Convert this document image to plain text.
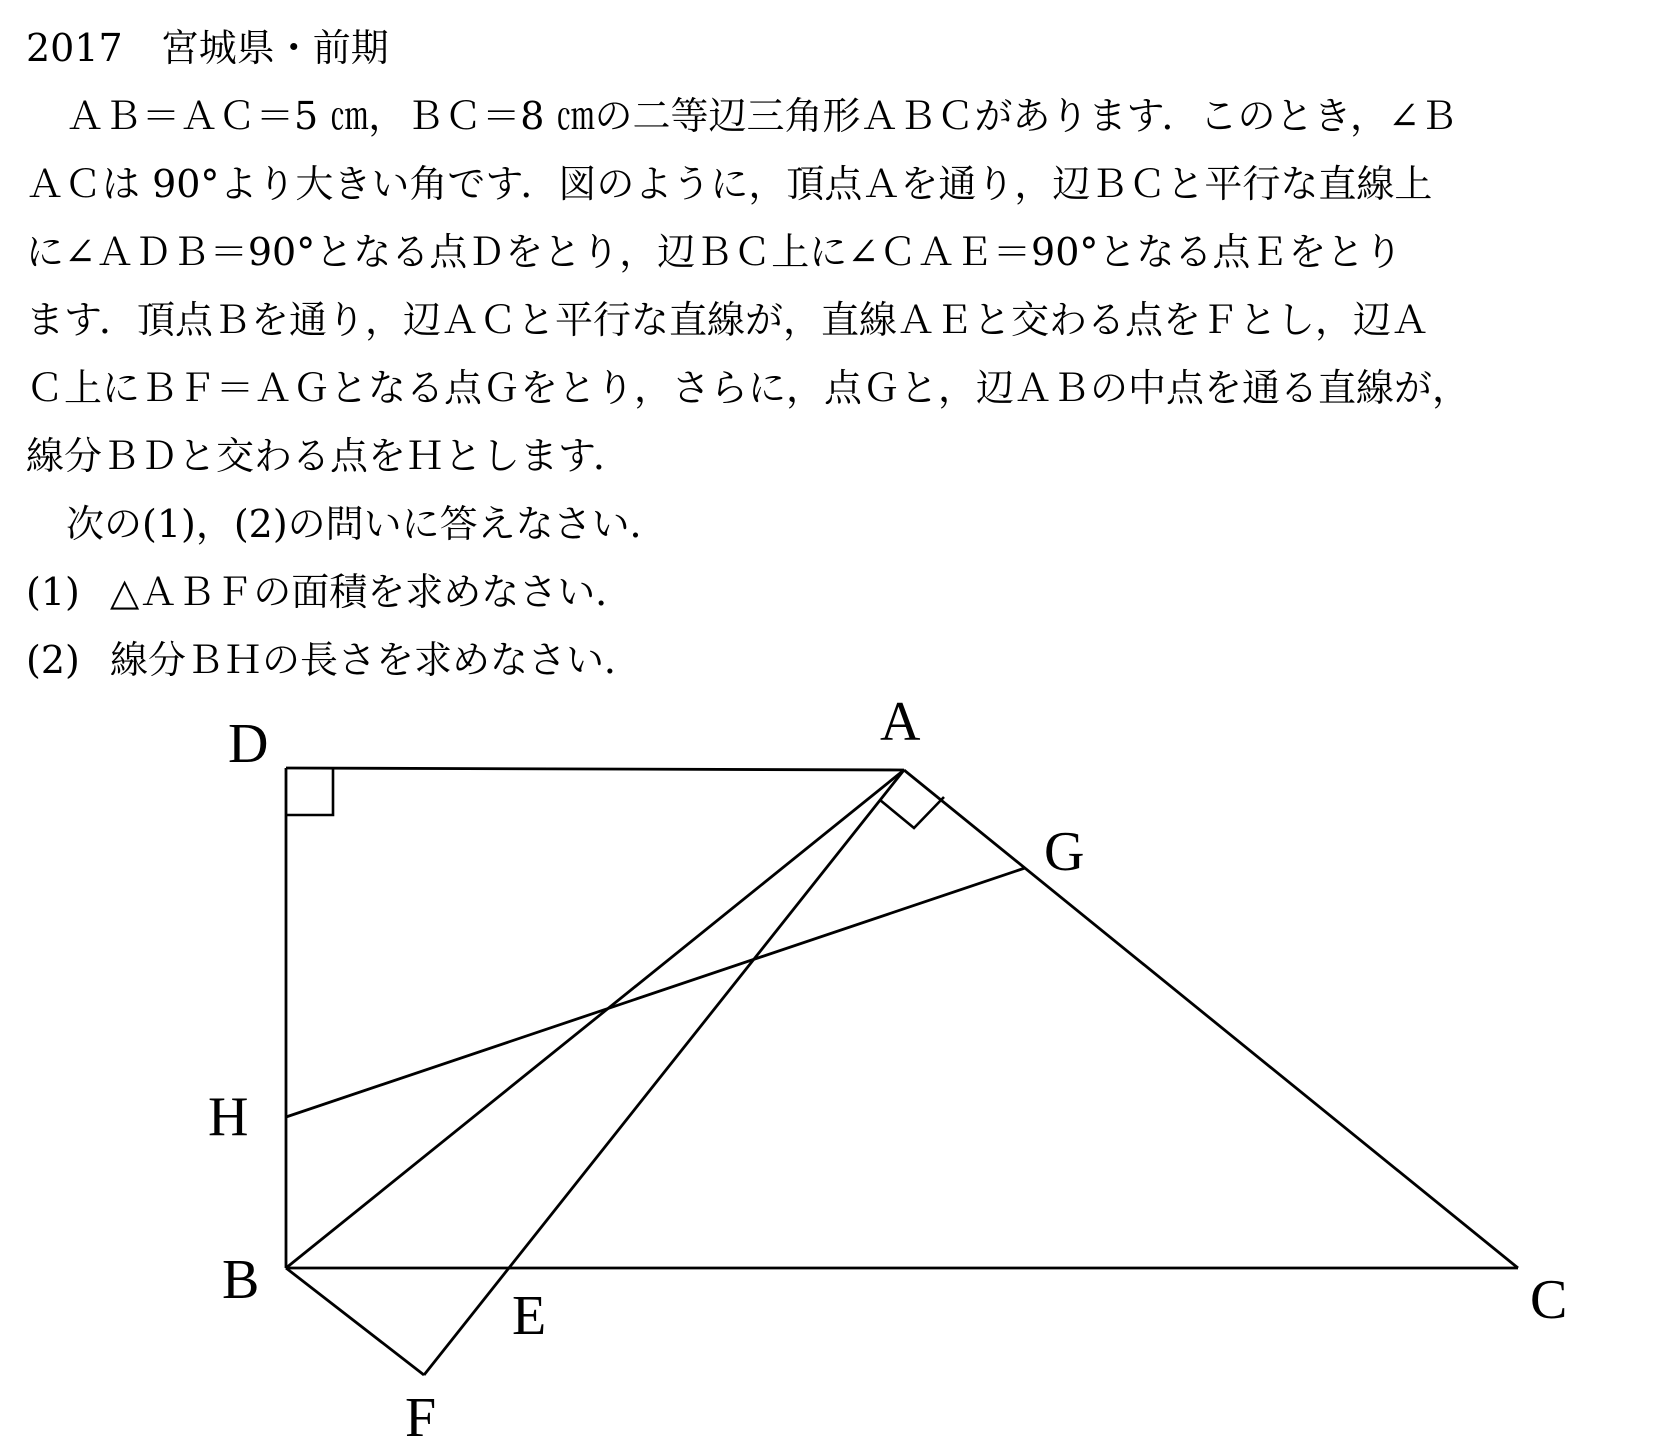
2017　宮城県・前期
ＡＢ＝ＡＣ＝5 ㎝，ＢＣ＝8 ㎝の二等辺三角形ＡＢＣがあります．このとき，∠Ｂ
ＡＣは 90°より大きい角です．図のように，頂点Ａを通り，辺ＢＣと平行な直線上
に∠ＡＤＢ＝90°となる点Ｄをとり，辺ＢＣ上に∠ＣＡＥ＝90°となる点Ｅをとり
ます．頂点Ｂを通り，辺ＡＣと平行な直線が，直線ＡＥと交わる点をＦとし，辺Ａ
Ｃ上にＢＦ＝ＡＧとなる点Ｇをとり，さらに，点Ｇと，辺ＡＢの中点を通る直線が，
線分ＢＤと交わる点をＨとします．
次の(1)，(2)の問いに答えなさい．
(1) △ＡＢＦの面積を求めなさい．
(2) 線分ＢＨの長さを求めなさい．
A
D
G
H
B
E	C
F
